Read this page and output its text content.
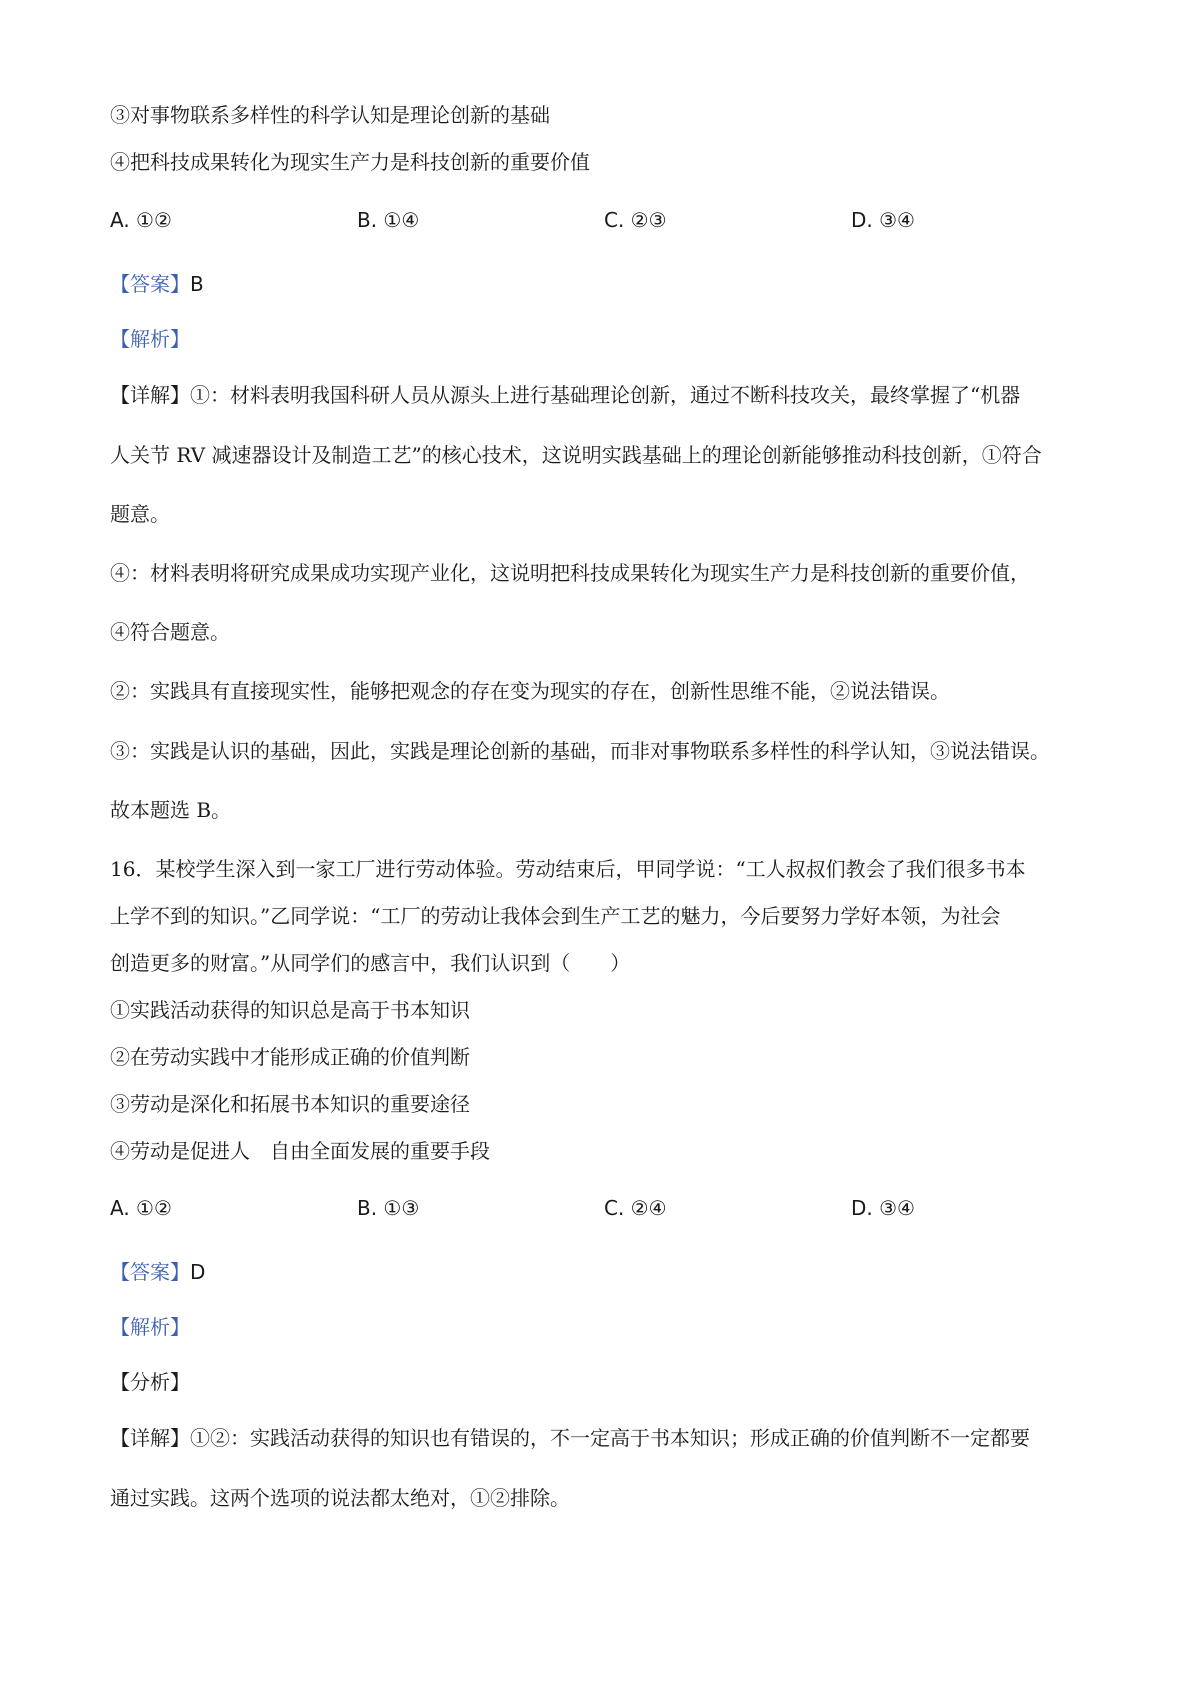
③对事物联系多样性的科学认知是理论创新的基础
④把科技成果转化为现实生产力是科技创新的重要价值
A. ①②	B. ①④	C. ②③	D. ③④
【答案】B
【解析】
【详解】①：材料表明我国科研人员从源头上进行基础理论创新，通过不断科技攻关，最终掌握了“机器
人关节 RV 减速器设计及制造工艺”的核心技术，这说明实践基础上的理论创新能够推动科技创新，①符合
题意。
④：材料表明将研究成果成功实现产业化，这说明把科技成果转化为现实生产力是科技创新的重要价值，
④符合题意。
②：实践具有直接现实性，能够把观念的存在变为现实的存在，创新性思维不能，②说法错误。
③：实践是认识的基础，因此，实践是理论创新的基础，而非对事物联系多样性的科学认知，③说法错误。
故本题选 B。
16．某校学生深入到一家工厂进行劳动体验。劳动结束后，甲同学说：“工人叔叔们教会了我们很多书本
上学不到的知识。”乙同学说：“工厂的劳动让我体会到生产工艺的魅力，今后要努力学好本领，为社会
创造更多的财富。”从同学们的感言中，我们认识到（　　）
①实践活动获得的知识总是高于书本知识
②在劳动实践中才能形成正确的价值判断
③劳动是深化和拓展书本知识的重要途径
④劳动是促进人　自由全面发展的重要手段
A. ①②	B. ①③	C. ②④	D. ③④
【答案】D
【解析】
【分析】
【详解】①②：实践活动获得的知识也有错误的，不一定高于书本知识；形成正确的价值判断不一定都要
通过实践。这两个选项的说法都太绝对，①②排除。
